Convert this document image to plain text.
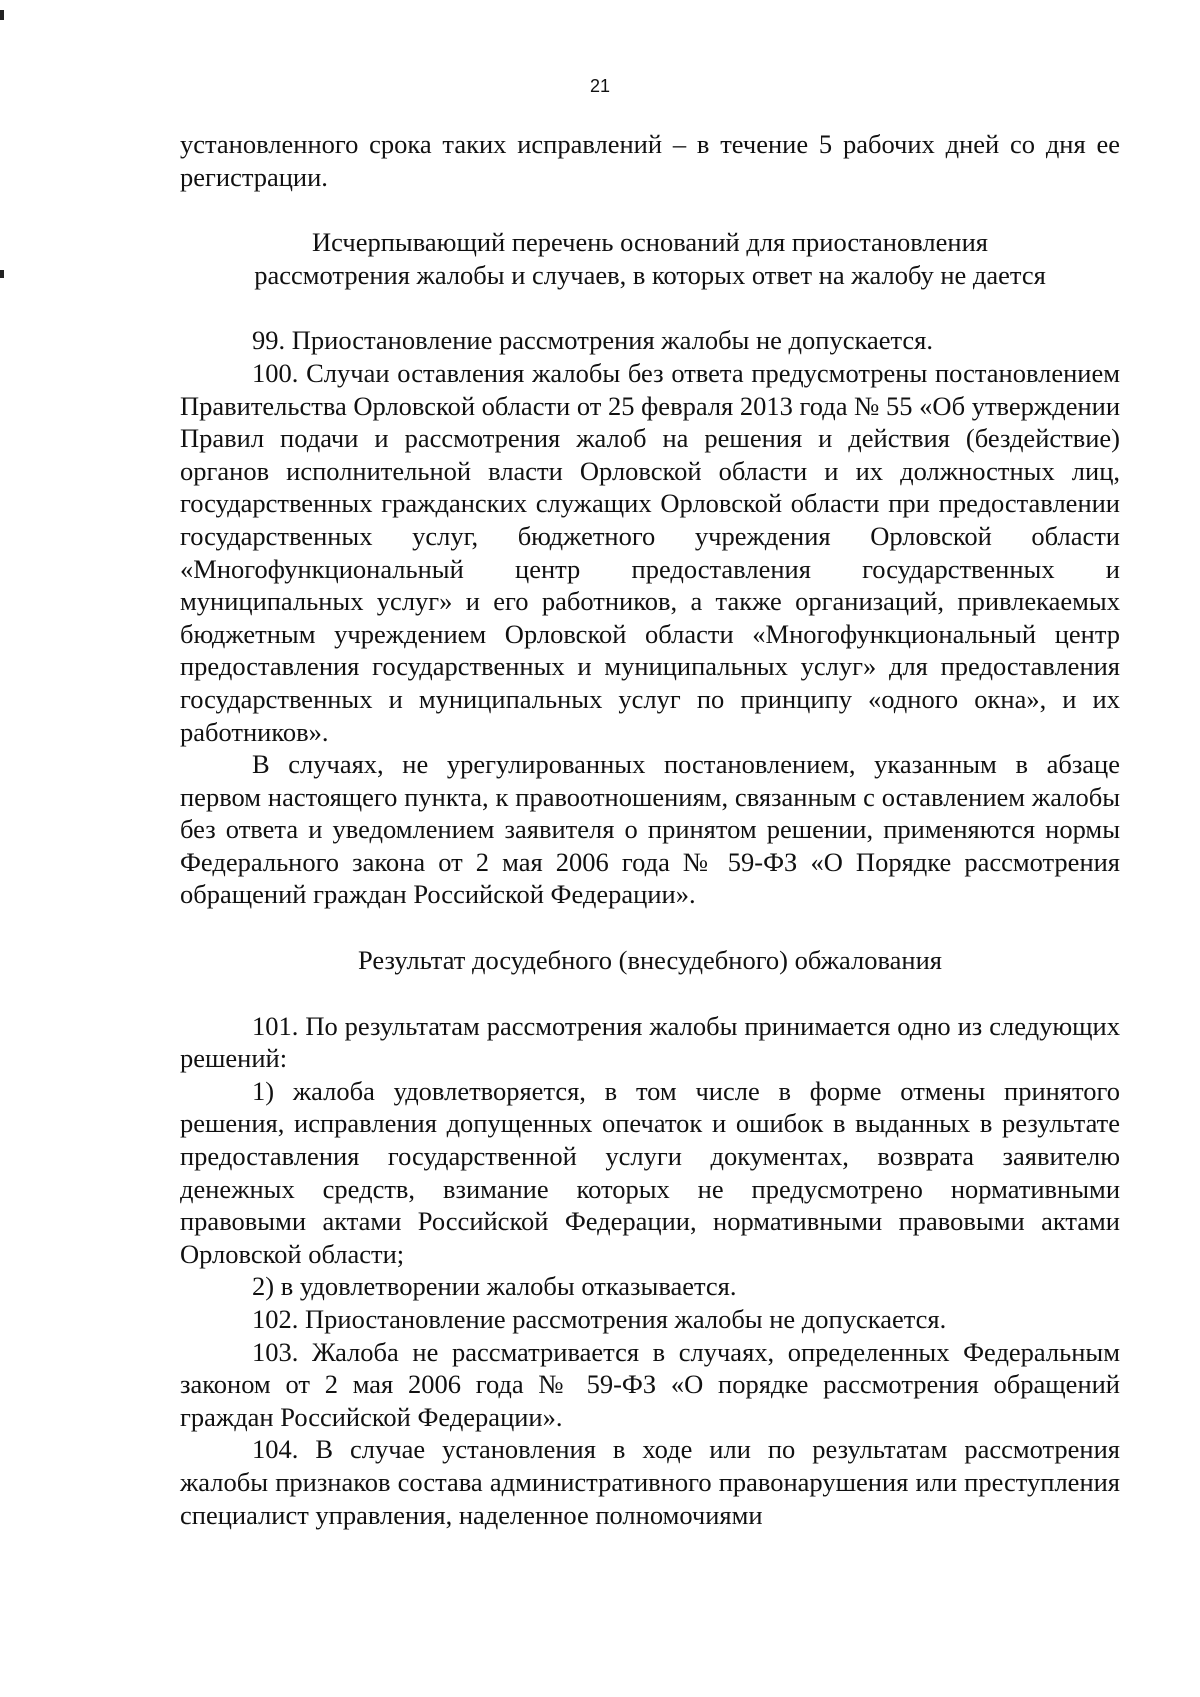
21

установленного срока таких исправлений – в течение 5 рабочих дней со дня ее регистрации.

Исчерпывающий перечень оснований для приостановления

рассмотрения жалобы и случаев, в которых ответ на жалобу не дается

99. Приостановление рассмотрения жалобы не допускается.

100. Случаи оставления жалобы без ответа предусмотрены постановлением Правительства Орловской области от 25 февраля 2013 года № 55 «Об утверждении Правил подачи и рассмотрения жалоб на решения и действия (бездействие) органов исполнительной власти Орловской области и их должностных лиц, государственных гражданских служащих Орловской области при предоставлении государственных услуг, бюджетного учреждения Орловской области «Многофункциональный центр предоставления государственных и муниципальных услуг» и его работников, а также организаций, привлекаемых бюджетным учреждением Орловской области «Многофункциональный центр предоставления государственных и муниципальных услуг» для предоставления государственных и муниципальных услуг по принципу «одного окна», и их работников».

В случаях, не урегулированных постановлением, указанным в абзаце первом настоящего пункта, к правоотношениям, связанным с оставлением жалобы без ответа и уведомлением заявителя о принятом решении, применяются нормы Федерального закона от 2 мая 2006 года № 59-ФЗ «О Порядке рассмотрения обращений граждан Российской Федерации».

Результат досудебного (внесудебного) обжалования

101. По результатам рассмотрения жалобы принимается одно из следующих решений:

1) жалоба удовлетворяется, в том числе в форме отмены принятого решения, исправления допущенных опечаток и ошибок в выданных в результате предоставления государственной услуги документах, возврата заявителю денежных средств, взимание которых не предусмотрено нормативными правовыми актами Российской Федерации, нормативными правовыми актами Орловской области;

2) в удовлетворении жалобы отказывается.

102. Приостановление рассмотрения жалобы не допускается.

103. Жалоба не рассматривается в случаях, определенных Федеральным законом от 2 мая 2006 года № 59-ФЗ «О порядке рассмотрения обращений граждан Российской Федерации».

104. В случае установления в ходе или по результатам рассмотрения жалобы признаков состава административного правонарушения или преступления специалист управления, наделенное полномочиями
